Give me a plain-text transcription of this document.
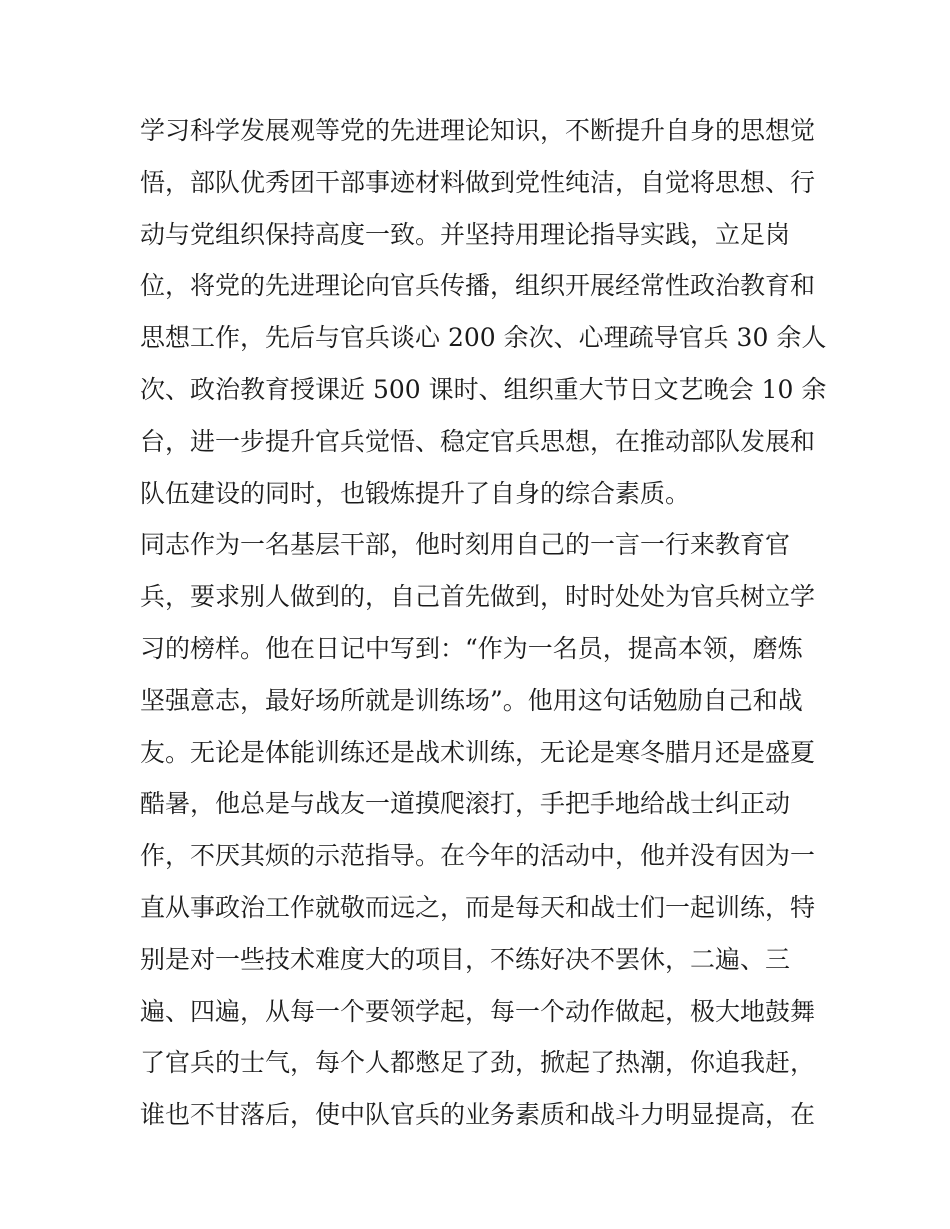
学习科学发展观等党的先进理论知识，不断提升自身的思想觉
悟，部队优秀团干部事迹材料做到党性纯洁，自觉将思想、行
动与党组织保持高度一致。并坚持用理论指导实践，立足岗
位，将党的先进理论向官兵传播，组织开展经常性政治教育和
思想工作，先后与官兵谈心 200 余次、心理疏导官兵 30 余人
次、政治教育授课近 500 课时、组织重大节日文艺晚会 10 余
台，进一步提升官兵觉悟、稳定官兵思想，在推动部队发展和
队伍建设的同时，也锻炼提升了自身的综合素质。
同志作为一名基层干部，他时刻用自己的一言一行来教育官
兵，要求别人做到的，自己首先做到，时时处处为官兵树立学
习的榜样。他在日记中写到：“作为一名员，提高本领，磨炼
坚强意志，最好场所就是训练场”。他用这句话勉励自己和战
友。无论是体能训练还是战术训练，无论是寒冬腊月还是盛夏
酷暑，他总是与战友一道摸爬滚打，手把手地给战士纠正动
作，不厌其烦的示范指导。在今年的活动中，他并没有因为一
直从事政治工作就敬而远之，而是每天和战士们一起训练，特
别是对一些技术难度大的项目，不练好决不罢休，二遍、三
遍、四遍，从每一个要领学起，每一个动作做起，极大地鼓舞
了官兵的士气，每个人都憋足了劲，掀起了热潮，你追我赶，
谁也不甘落后，使中队官兵的业务素质和战斗力明显提高，在
